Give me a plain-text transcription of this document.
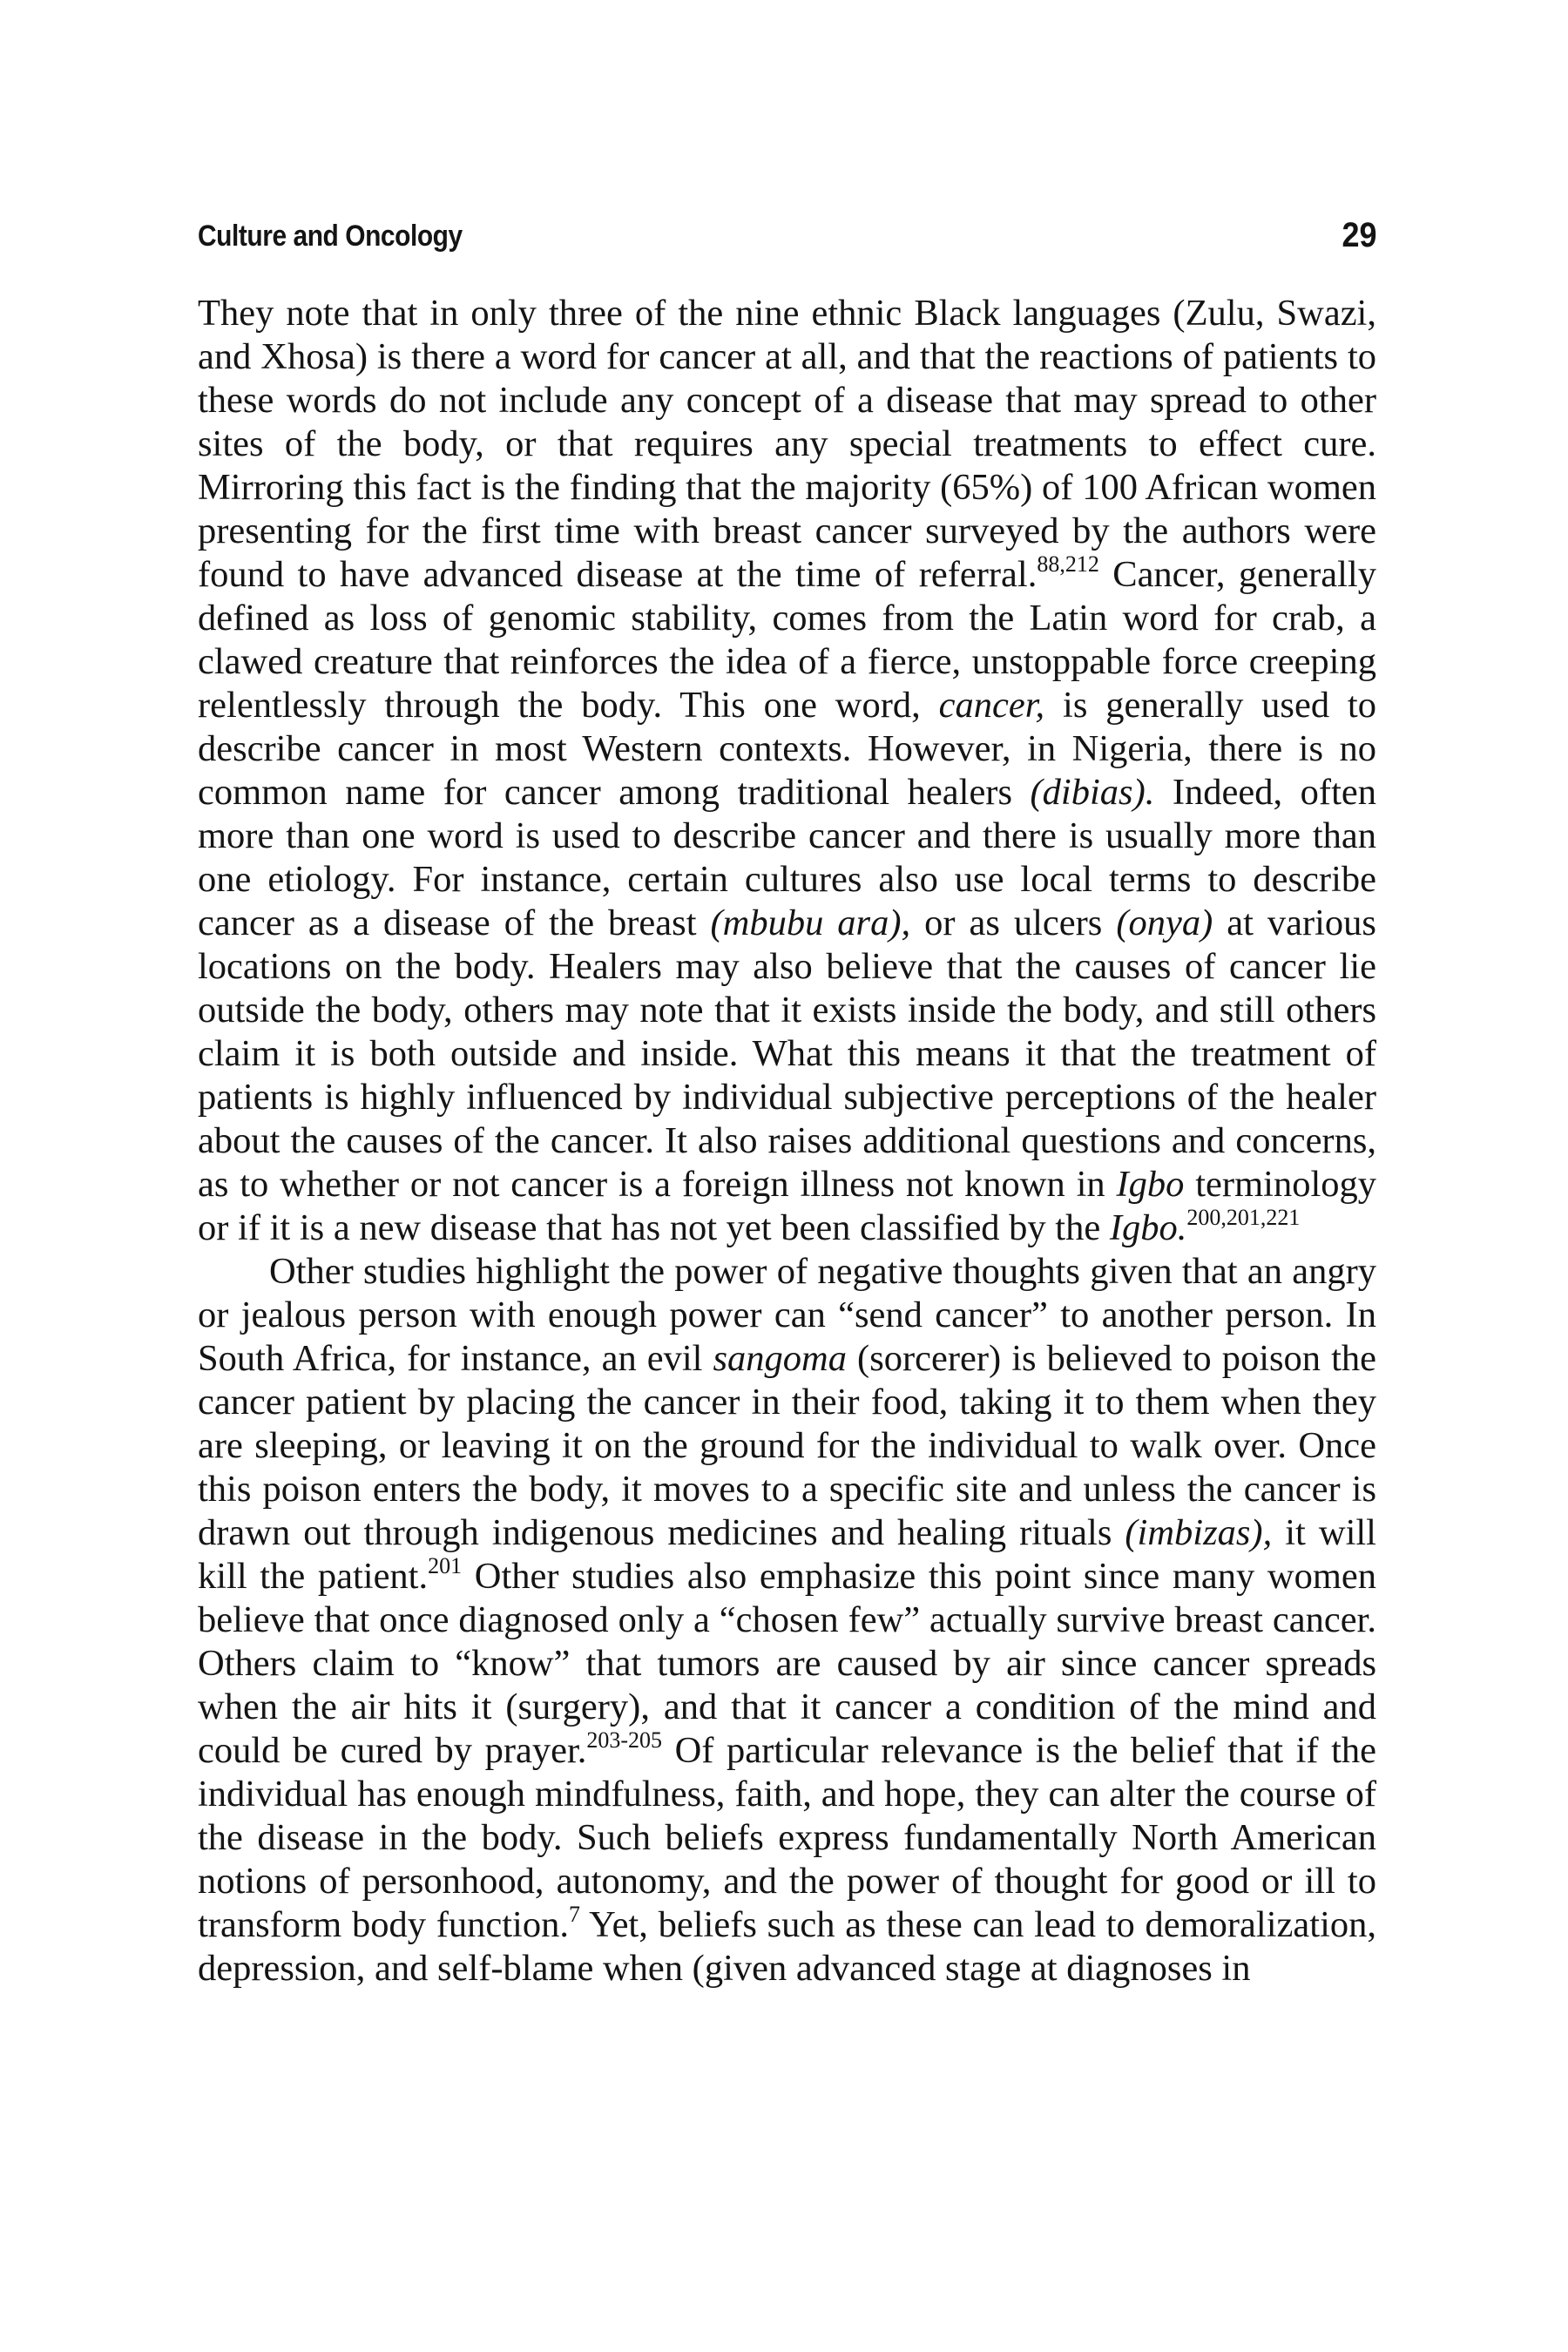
Culture and Oncology	29

They note that in only three of the nine ethnic Black languages (Zulu, Swazi, and Xhosa) is there a word for cancer at all, and that the reactions of patients to these words do not include any concept of a disease that may spread to other sites of the body, or that requires any special treatments to effect cure. Mirroring this fact is the finding that the majority (65%) of 100 African women presenting for the first time with breast cancer surveyed by the authors were found to have advanced disease at the time of referral.$^{88,212}$ Cancer, generally defined as loss of genomic stability, comes from the Latin word for crab, a clawed creature that reinforces the idea of a fierce, unstoppable force creeping relentlessly through the body. This one word, cancer, is generally used to describe cancer in most Western contexts. However, in Nigeria, there is no common name for cancer among traditional healers (dibias). Indeed, often more than one word is used to describe cancer and there is usually more than one etiology. For instance, certain cultures also use local terms to describe cancer as a disease of the breast (mbubu ara), or as ulcers (onya) at various locations on the body. Healers may also believe that the causes of cancer lie outside the body, others may note that it exists inside the body, and still others claim it is both outside and inside. What this means it that the treatment of patients is highly influenced by individual subjective perceptions of the healer about the causes of the cancer. It also raises additional questions and concerns, as to whether or not cancer is a foreign illness not known in Igbo terminology or if it is a new disease that has not yet been classified by the Igbo.$^{200,201,221}$

Other studies highlight the power of negative thoughts given that an angry or jealous person with enough power can “send cancer” to another person. In South Africa, for instance, an evil sangoma (sorcerer) is believed to poison the cancer patient by placing the cancer in their food, taking it to them when they are sleeping, or leaving it on the ground for the individual to walk over. Once this poison enters the body, it moves to a specific site and unless the cancer is drawn out through indigenous medicines and healing rituals (imbizas), it will kill the patient.$^{201}$ Other studies also emphasize this point since many women believe that once diagnosed only a “chosen few” actually survive breast cancer. Others claim to “know” that tumors are caused by air since cancer spreads when the air hits it (surgery), and that it cancer a condition of the mind and could be cured by prayer.$^{203-205}$ Of particular relevance is the belief that if the individual has enough mindfulness, faith, and hope, they can alter the course of the disease in the body. Such beliefs express fundamentally North American notions of personhood, autonomy, and the power of thought for good or ill to transform body function.$^7$ Yet, beliefs such as these can lead to demoralization, depression, and self-blame when (given advanced stage at diagnoses in
